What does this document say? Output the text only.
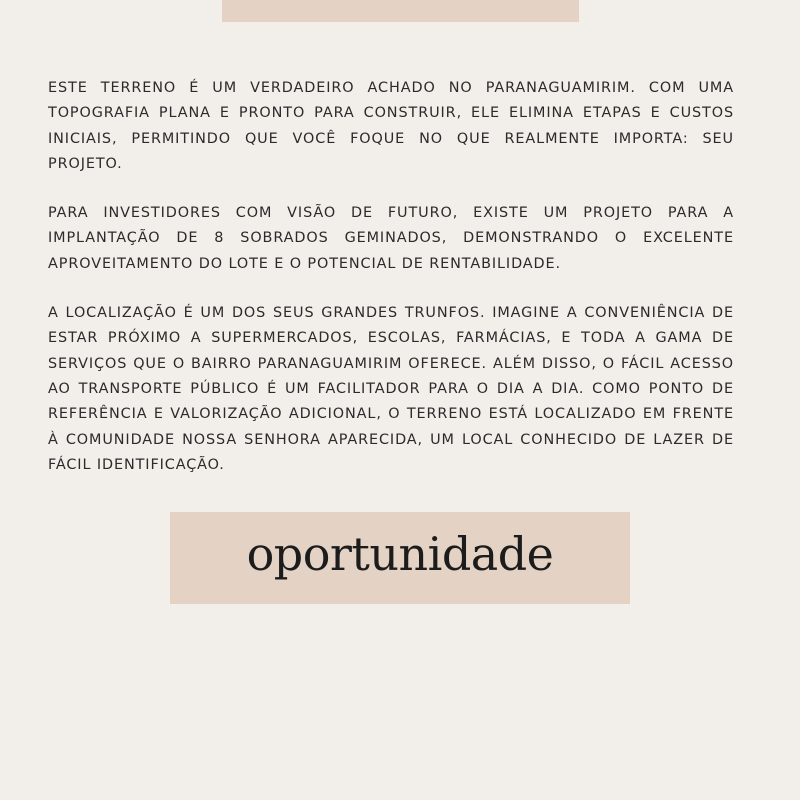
ESTE TERRENO É UM VERDADEIRO ACHADO NO PARANAGUAMIRIM. COM UMA TOPOGRAFIA PLANA E PRONTO PARA CONSTRUIR, ELE ELIMINA ETAPAS E CUSTOS INICIAIS, PERMITINDO QUE VOCÊ FOQUE NO QUE REALMENTE IMPORTA: SEU PROJETO.

PARA INVESTIDORES COM VISÃO DE FUTURO, EXISTE UM PROJETO PARA A IMPLANTAÇÃO DE 8 SOBRADOS GEMINADOS, DEMONSTRANDO O EXCELENTE APROVEITAMENTO DO LOTE E O POTENCIAL DE RENTABILIDADE.

A LOCALIZAÇÃO É UM DOS SEUS GRANDES TRUNFOS. IMAGINE A CONVENIÊNCIA DE ESTAR PRÓXIMO A SUPERMERCADOS, ESCOLAS, FARMÁCIAS, E TODA A GAMA DE SERVIÇOS QUE O BAIRRO PARANAGUAMIRIM OFERECE. ALÉM DISSO, O FÁCIL ACESSO AO TRANSPORTE PÚBLICO É UM FACILITADOR PARA O DIA A DIA. COMO PONTO DE REFERÊNCIA E VALORIZAÇÃO ADICIONAL, O TERRENO ESTÁ LOCALIZADO EM FRENTE À COMUNIDADE NOSSA SENHORA APARECIDA, UM LOCAL CONHECIDO DE LAZER DE FÁCIL IDENTIFICAÇÃO.

oportunidade
